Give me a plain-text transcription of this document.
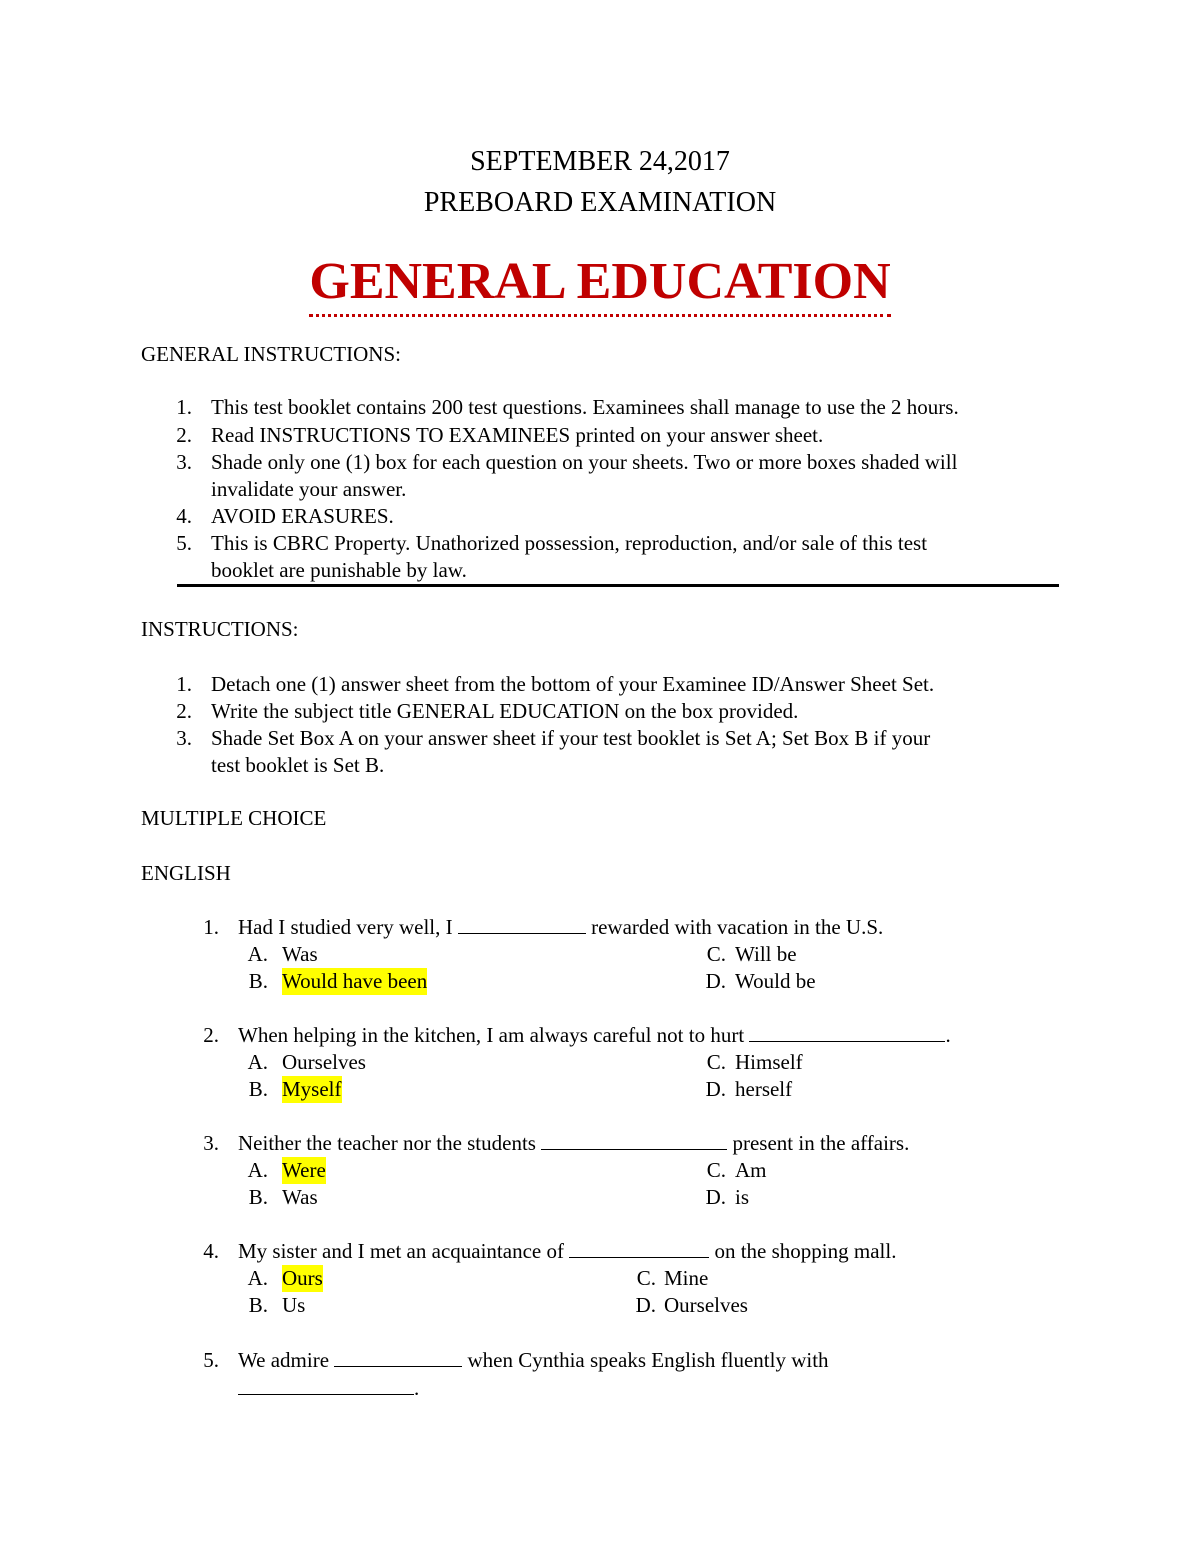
SEPTEMBER 24,2017
PREBOARD EXAMINATION
GENERAL EDUCATION
GENERAL INSTRUCTIONS:
1. This test booklet contains 200 test questions. Examinees shall manage to use the 2 hours.
2. Read INSTRUCTIONS TO EXAMINEES printed on your answer sheet.
3. Shade only one (1) box for each question on your sheets. Two or more boxes shaded will
invalidate your answer.
4. AVOID ERASURES.
5. This is CBRC Property. Unathorized possession, reproduction, and/or sale of this test
booklet are punishable by law.
INSTRUCTIONS:
1. Detach one (1) answer sheet from the bottom of your Examinee ID/Answer Sheet Set.
2. Write the subject title GENERAL EDUCATION on the box provided.
3. Shade Set Box A on your answer sheet if your test booklet is Set A; Set Box B if your
test booklet is Set B.
MULTIPLE CHOICE
ENGLISH
1. Had I studied very well, I	rewarded with vacation in the U.S.
A. Was	C. Will be
B. Would have been	D. Would be
2. When helping in the kitchen, I am always careful not to hurt	.
A. Ourselves	C. Himself
B. Myself	D. herself
3. Neither the teacher nor the students	present in the affairs.
A. Were	C. Am
B. Was	D. is
4. My sister and I met an acquaintance of	on the shopping mall.
A. Ours	C. Mine
B. Us	D. Ourselves
5. We admire	when Cynthia speaks English fluently with
.
